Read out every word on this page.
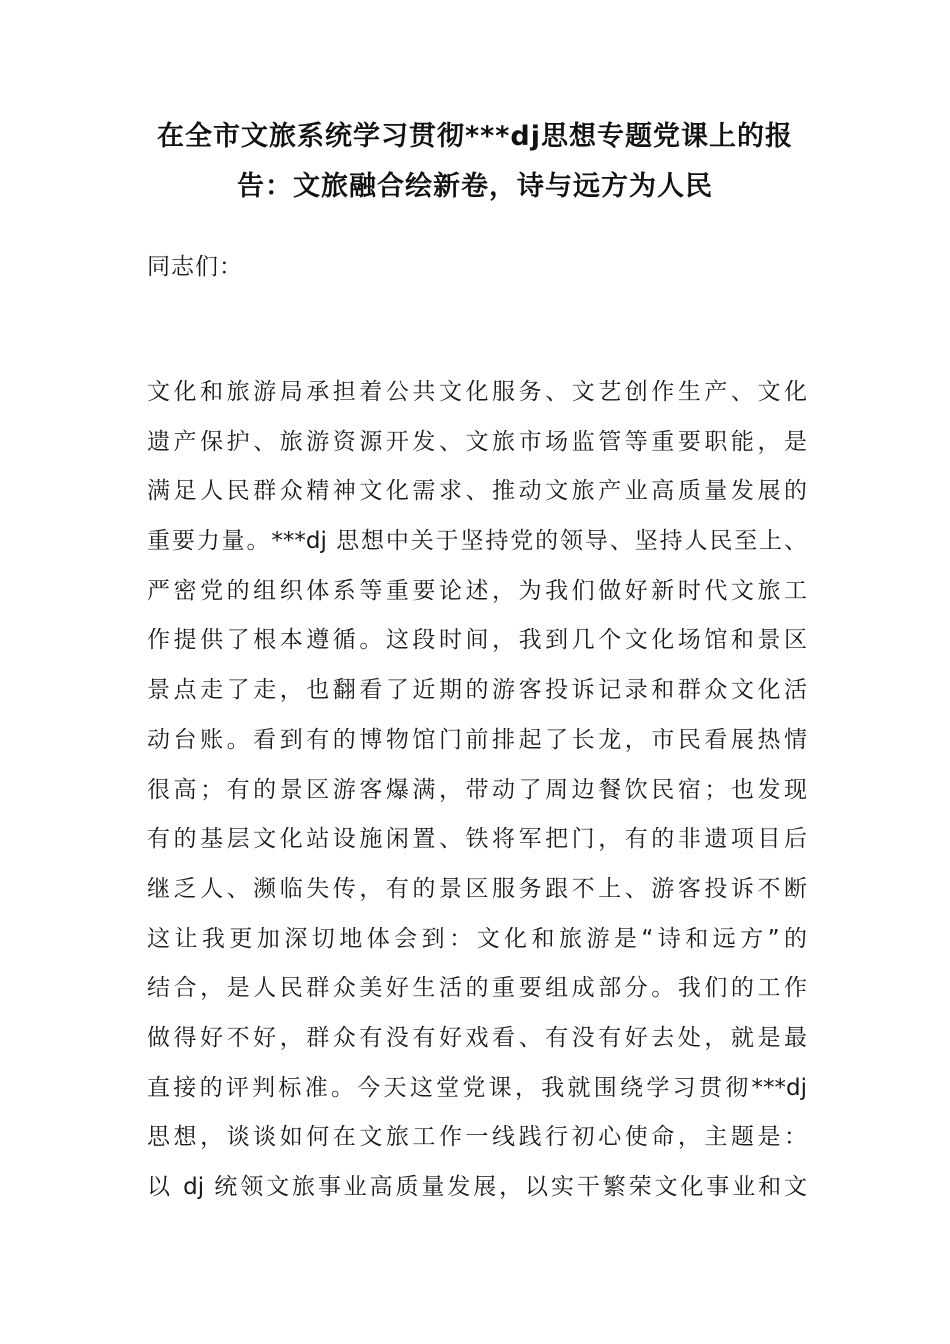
在全市文旅系统学习贯彻***dj思想专题党课上的报
告：文旅融合绘新卷，诗与远方为人民

同志们：

文化和旅游局承担着公共文化服务、文艺创作生产、文化
遗产保护、旅游资源开发、文旅市场监管等重要职能，是
满足人民群众精神文化需求、推动文旅产业高质量发展的
重要力量。***dj 思想中关于坚持党的领导、坚持人民至上、
严密党的组织体系等重要论述，为我们做好新时代文旅工
作提供了根本遵循。这段时间，我到几个文化场馆和景区
景点走了走，也翻看了近期的游客投诉记录和群众文化活
动台账。看到有的博物馆门前排起了长龙，市民看展热情
很高；有的景区游客爆满，带动了周边餐饮民宿；也发现
有的基层文化站设施闲置、铁将军把门，有的非遗项目后
继乏人、濒临失传，有的景区服务跟不上、游客投诉不断
这让我更加深切地体会到：文化和旅游是“诗和远方”的
结合，是人民群众美好生活的重要组成部分。我们的工作
做得好不好，群众有没有好戏看、有没有好去处，就是最
直接的评判标准。今天这堂党课，我就围绕学习贯彻***dj
思想，谈谈如何在文旅工作一线践行初心使命，主题是：
以 dj 统领文旅事业高质量发展，以实干繁荣文化事业和文
